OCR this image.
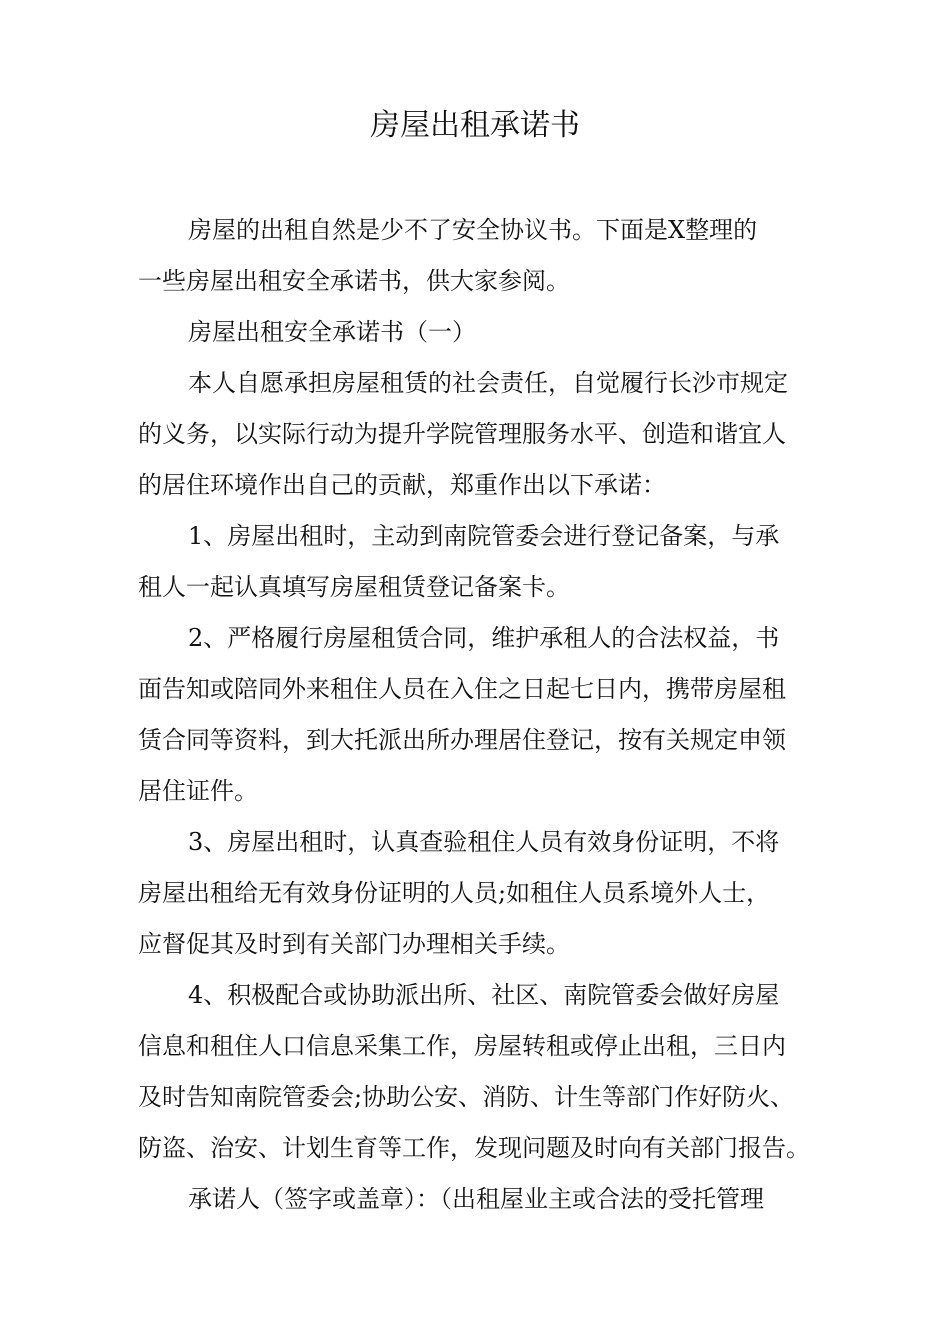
房屋出租承诺书

房屋的出租自然是少不了安全协议书。下面是X整理的
一些房屋出租安全承诺书，供大家参阅。

房屋出租安全承诺书（一）

本人自愿承担房屋租赁的社会责任，自觉履行长沙市规定
的义务，以实际行动为提升学院管理服务水平、创造和谐宜人
的居住环境作出自己的贡献，郑重作出以下承诺：

1、房屋出租时，主动到南院管委会进行登记备案，与承
租人一起认真填写房屋租赁登记备案卡。

2、严格履行房屋租赁合同，维护承租人的合法权益，书
面告知或陪同外来租住人员在入住之日起七日内，携带房屋租
赁合同等资料，到大托派出所办理居住登记，按有关规定申领
居住证件。

3、房屋出租时，认真查验租住人员有效身份证明，不将
房屋出租给无有效身份证明的人员;如租住人员系境外人士，
应督促其及时到有关部门办理相关手续。

4、积极配合或协助派出所、社区、南院管委会做好房屋
信息和租住人口信息采集工作，房屋转租或停止出租，三日内
及时告知南院管委会;协助公安、消防、计生等部门作好防火、
防盗、治安、计划生育等工作，发现问题及时向有关部门报告。

承诺人（签字或盖章）：（出租屋业主或合法的受托管理
